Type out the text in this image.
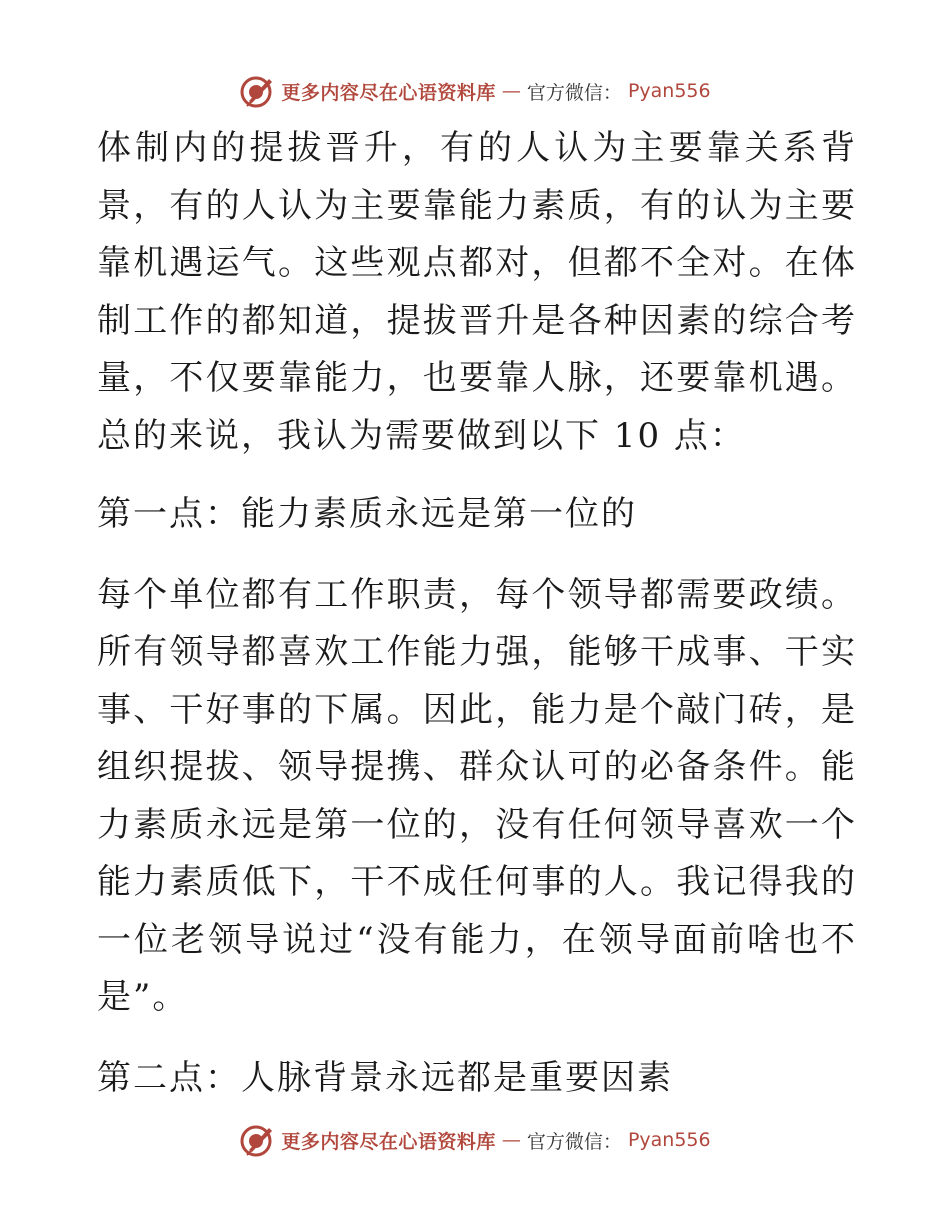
更多内容尽在心语资料库 — 官方微信： Pyan556

体制内的提拔晋升，有的人认为主要靠关系背景，有的人认为主要靠能力素质，有的认为主要靠机遇运气。这些观点都对，但都不全对。在体制工作的都知道，提拔晋升是各种因素的综合考量，不仅要靠能力，也要靠人脉，还要靠机遇。总的来说，我认为需要做到以下 10 点：

第一点：能力素质永远是第一位的

每个单位都有工作职责，每个领导都需要政绩。所有领导都喜欢工作能力强，能够干成事、干实事、干好事的下属。因此，能力是个敲门砖，是组织提拔、领导提携、群众认可的必备条件。能力素质永远是第一位的，没有任何领导喜欢一个能力素质低下，干不成任何事的人。我记得我的一位老领导说过“没有能力，在领导面前啥也不是”。

第二点：人脉背景永远都是重要因素

更多内容尽在心语资料库 — 官方微信： Pyan556
